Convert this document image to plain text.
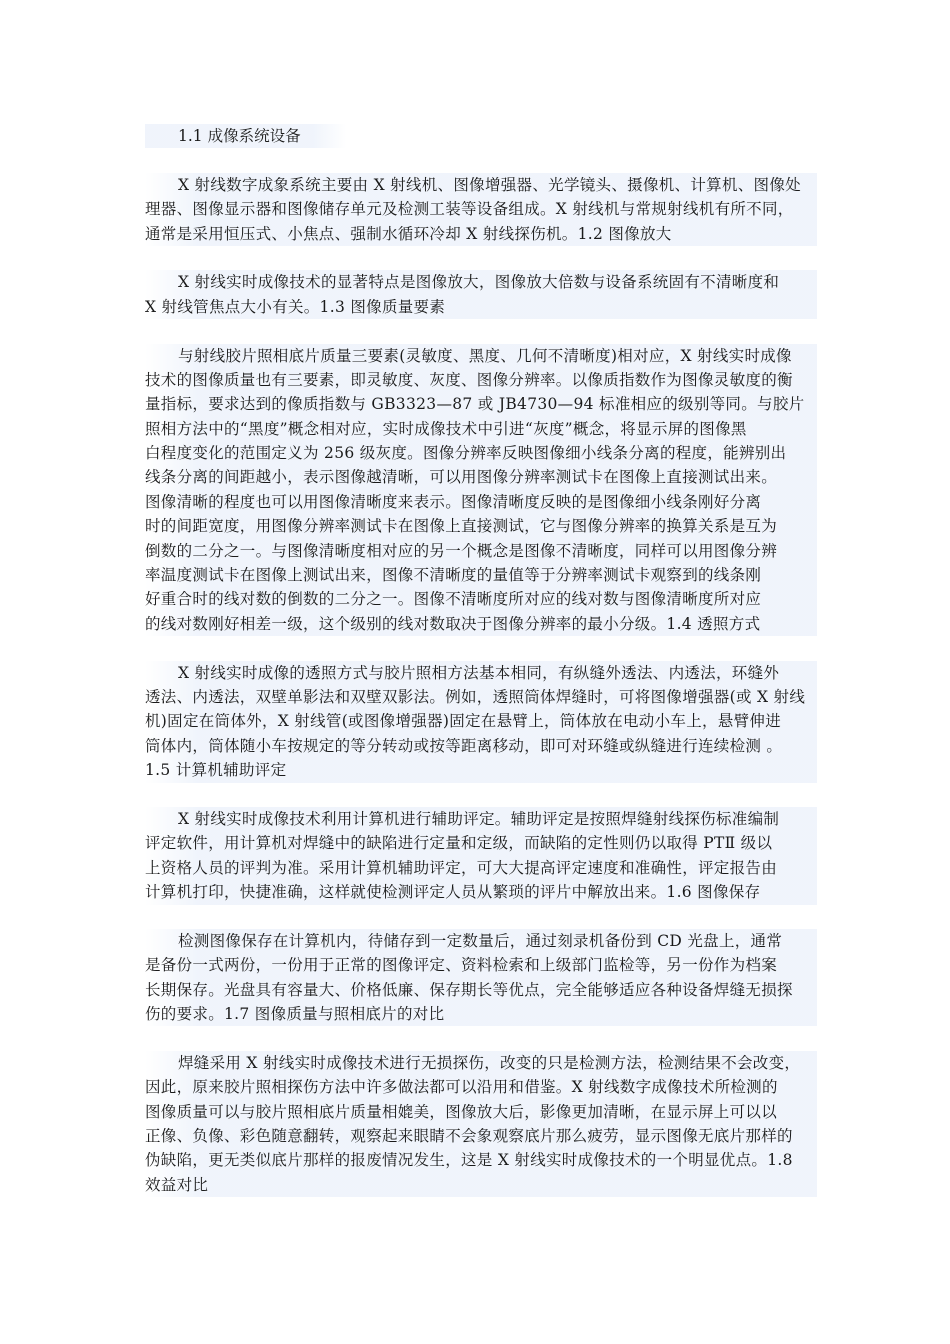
1.1 成像系统设备
X 射线数字成象系统主要由 X 射线机、图像增强器、光学镜头、摄像机、计算机、图像处
理器、图像显示器和图像储存单元及检测工装等设备组成。X 射线机与常规射线机有所不同，
通常是采用恒压式、小焦点、强制水循环冷却 X 射线探伤机。1.2 图像放大
X 射线实时成像技术的显著特点是图像放大，图像放大倍数与设备系统固有不清晰度和
X 射线管焦点大小有关。1.3 图像质量要素
与射线胶片照相底片质量三要素(灵敏度、黑度、几何不清晰度)相对应，X 射线实时成像
技术的图像质量也有三要素，即灵敏度、灰度、图像分辨率。以像质指数作为图像灵敏度的衡
量指标，要求达到的像质指数与 GB3323—87 或 JB4730—94 标准相应的级别等同。与胶片
照相方法中的“黑度”概念相对应，实时成像技术中引进“灰度”概念，将显示屏的图像黑
白程度变化的范围定义为 256 级灰度。图像分辨率反映图像细小线条分离的程度，能辨别出
线条分离的间距越小，表示图像越清晰，可以用图像分辨率测试卡在图像上直接测试出来。
图像清晰的程度也可以用图像清晰度来表示。图像清晰度反映的是图像细小线条刚好分离
时的间距宽度，用图像分辨率测试卡在图像上直接测试，它与图像分辨率的换算关系是互为
倒数的二分之一。与图像清晰度相对应的另一个概念是图像不清晰度，同样可以用图像分辨
率温度测试卡在图像上测试出来，图像不清晰度的量值等于分辨率测试卡观察到的线条刚
好重合时的线对数的倒数的二分之一。图像不清晰度所对应的线对数与图像清晰度所对应
的线对数刚好相差一级，这个级别的线对数取决于图像分辨率的最小分级。1.4 透照方式
X 射线实时成像的透照方式与胶片照相方法基本相同，有纵缝外透法、内透法，环缝外
透法、内透法，双壁单影法和双壁双影法。例如，透照筒体焊缝时，可将图像增强器(或 X 射线
机)固定在筒体外，X 射线管(或图像增强器)固定在悬臂上，筒体放在电动小车上，悬臂伸进
筒体内，筒体随小车按规定的等分转动或按等距离移动，即可对环缝或纵缝进行连续检测 。
1.5 计算机辅助评定
X 射线实时成像技术利用计算机进行辅助评定。辅助评定是按照焊缝射线探伤标准编制
评定软件，用计算机对焊缝中的缺陷进行定量和定级，而缺陷的定性则仍以取得 PTⅡ 级以
上资格人员的评判为准。采用计算机辅助评定，可大大提高评定速度和准确性，评定报告由
计算机打印，快捷准确，这样就使检测评定人员从繁琐的评片中解放出来。1.6 图像保存
检测图像保存在计算机内，待储存到一定数量后，通过刻录机备份到 CD 光盘上，通常
是备份一式两份，一份用于正常的图像评定、资料检索和上级部门监检等，另一份作为档案
长期保存。光盘具有容量大、价格低廉、保存期长等优点，完全能够适应各种设备焊缝无损探
伤的要求。1.7 图像质量与照相底片的对比
焊缝采用 X 射线实时成像技术进行无损探伤，改变的只是检测方法，检测结果不会改变，
因此，原来胶片照相探伤方法中许多做法都可以沿用和借鉴。X 射线数字成像技术所检测的
图像质量可以与胶片照相底片质量相媲美，图像放大后，影像更加清晰，在显示屏上可以以
正像、负像、彩色随意翻转，观察起来眼睛不会象观察底片那么疲劳，显示图像无底片那样的
伪缺陷，更无类似底片那样的报废情况发生，这是 X 射线实时成像技术的一个明显优点。1.8
效益对比
